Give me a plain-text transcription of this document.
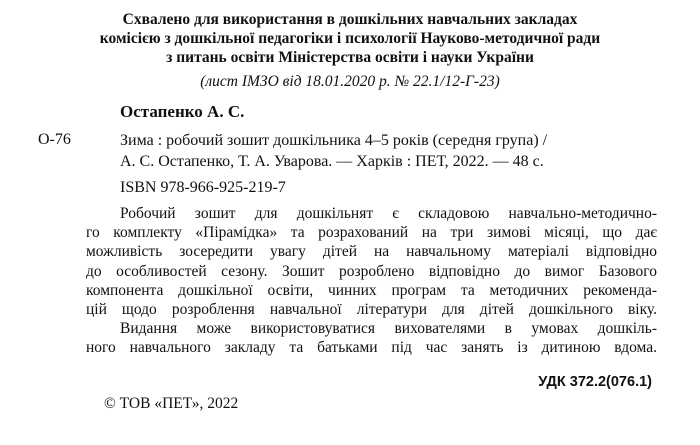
Схвалено для використання в дошкільних навчальних закладах
комісією з дошкільної педагогіки і психології Науково-методичної ради
з питань освіти Міністерства освіти і науки України
(лист ІМЗО від 18.01.2020 р. № 22.1/12-Г-23)
Остапенко А. С.
О-76	Зима : робочий зошит дошкільника 4–5 років (середня група) /
А. С. Остапенко, Т. А. Уварова. — Харків : ПЕТ, 2022. — 48 с.
ISBN 978-966-925-219-7

Робочий зошит для дошкільнят є складовою навчально-методично-
го комплекту «Пірамідка» та розрахований на три зимові місяці, що дає
можливість зосередити увагу дітей на навчальному матеріалі відповідно
до особливостей сезону. Зошит розроблено відповідно до вимог Базового
компонента дошкільної освіти, чинних програм та методичних рекоменда-
цій щодо розроблення навчальної літератури для дітей дошкільного віку.

Видання може використовуватися вихователями в умовах дошкіль-
ного навчального закладу та батьками під час занять із дитиною вдома.

УДК 372.2(076.1)
© ТОВ «ПЕТ», 2022
